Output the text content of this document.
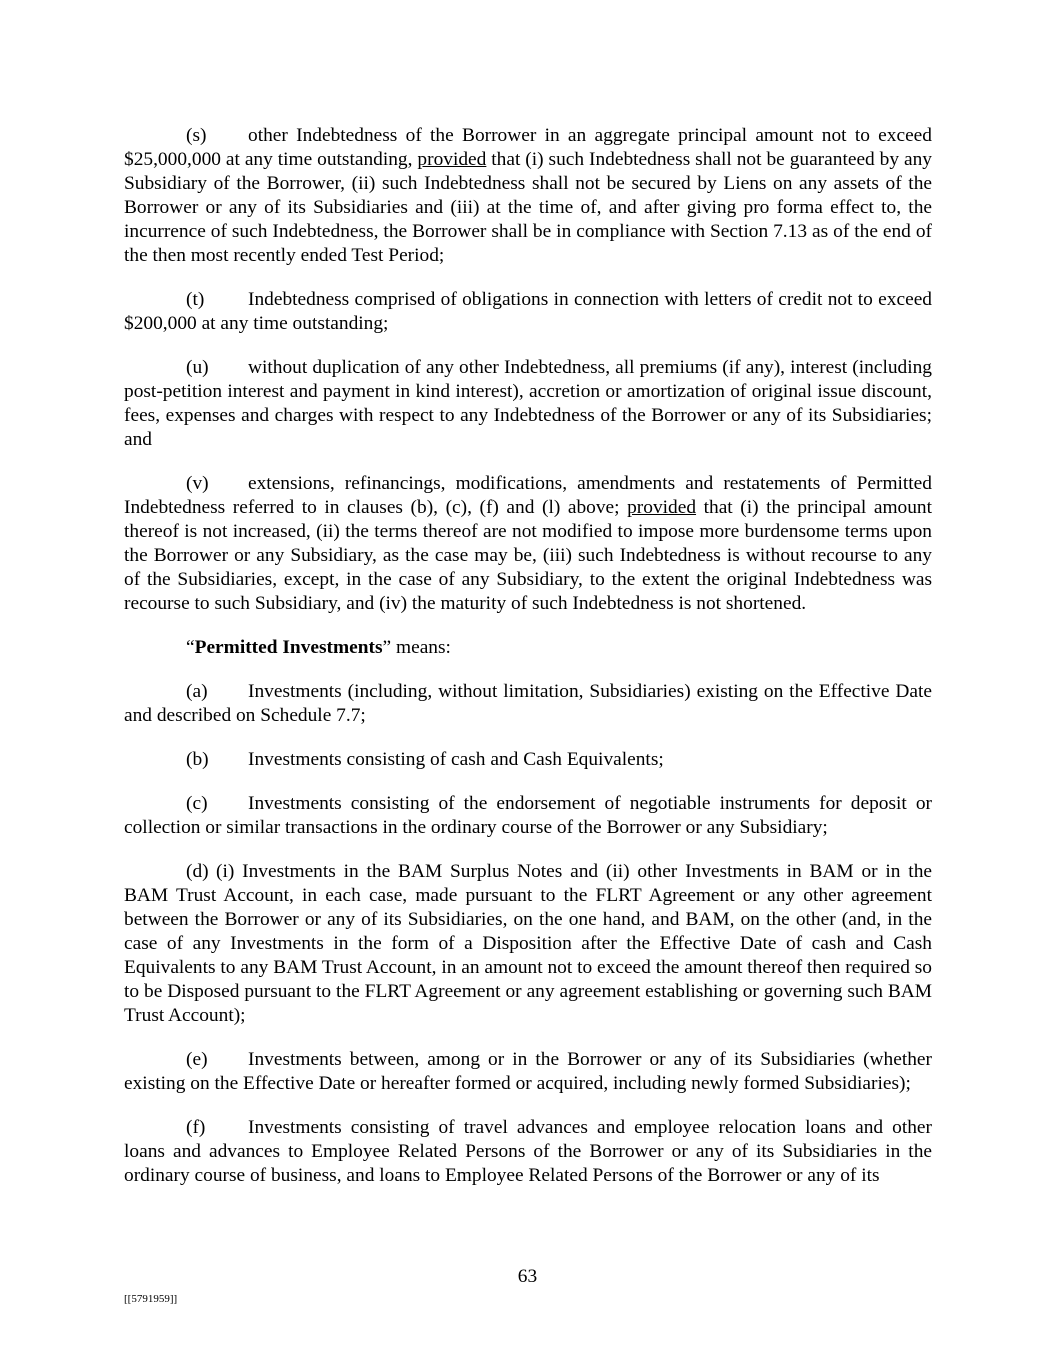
(s) other Indebtedness of the Borrower in an aggregate principal amount not to exceed $25,000,000 at any time outstanding, provided that (i) such Indebtedness shall not be guaranteed by any Subsidiary of the Borrower, (ii) such Indebtedness shall not be secured by Liens on any assets of the Borrower or any of its Subsidiaries and (iii) at the time of, and after giving pro forma effect to, the incurrence of such Indebtedness, the Borrower shall be in compliance with Section 7.13 as of the end of the then most recently ended Test Period;

(t) Indebtedness comprised of obligations in connection with letters of credit not to exceed $200,000 at any time outstanding;

(u) without duplication of any other Indebtedness, all premiums (if any), interest (including post-petition interest and payment in kind interest), accretion or amortization of original issue discount, fees, expenses and charges with respect to any Indebtedness of the Borrower or any of its Subsidiaries; and

(v) extensions, refinancings, modifications, amendments and restatements of Permitted Indebtedness referred to in clauses (b), (c), (f) and (l) above; provided that (i) the principal amount thereof is not increased, (ii) the terms thereof are not modified to impose more burdensome terms upon the Borrower or any Subsidiary, as the case may be, (iii) such Indebtedness is without recourse to any of the Subsidiaries, except, in the case of any Subsidiary, to the extent the original Indebtedness was recourse to such Subsidiary, and (iv) the maturity of such Indebtedness is not shortened.

“Permitted Investments” means:

(a) Investments (including, without limitation, Subsidiaries) existing on the Effective Date and described on Schedule 7.7;

(b) Investments consisting of cash and Cash Equivalents;

(c) Investments consisting of the endorsement of negotiable instruments for deposit or collection or similar transactions in the ordinary course of the Borrower or any Subsidiary;

(d) (i) Investments in the BAM Surplus Notes and (ii) other Investments in BAM or in the BAM Trust Account, in each case, made pursuant to the FLRT Agreement or any other agreement between the Borrower or any of its Subsidiaries, on the one hand, and BAM, on the other (and, in the case of any Investments in the form of a Disposition after the Effective Date of cash and Cash Equivalents to any BAM Trust Account, in an amount not to exceed the amount thereof then required so to be Disposed pursuant to the FLRT Agreement or any agreement establishing or governing such BAM Trust Account);

(e) Investments between, among or in the Borrower or any of its Subsidiaries (whether existing on the Effective Date or hereafter formed or acquired, including newly formed Subsidiaries);

(f) Investments consisting of travel advances and employee relocation loans and other loans and advances to Employee Related Persons of the Borrower or any of its Subsidiaries in the ordinary course of business, and loans to Employee Related Persons of the Borrower or any of its

63
[[5791959]]
